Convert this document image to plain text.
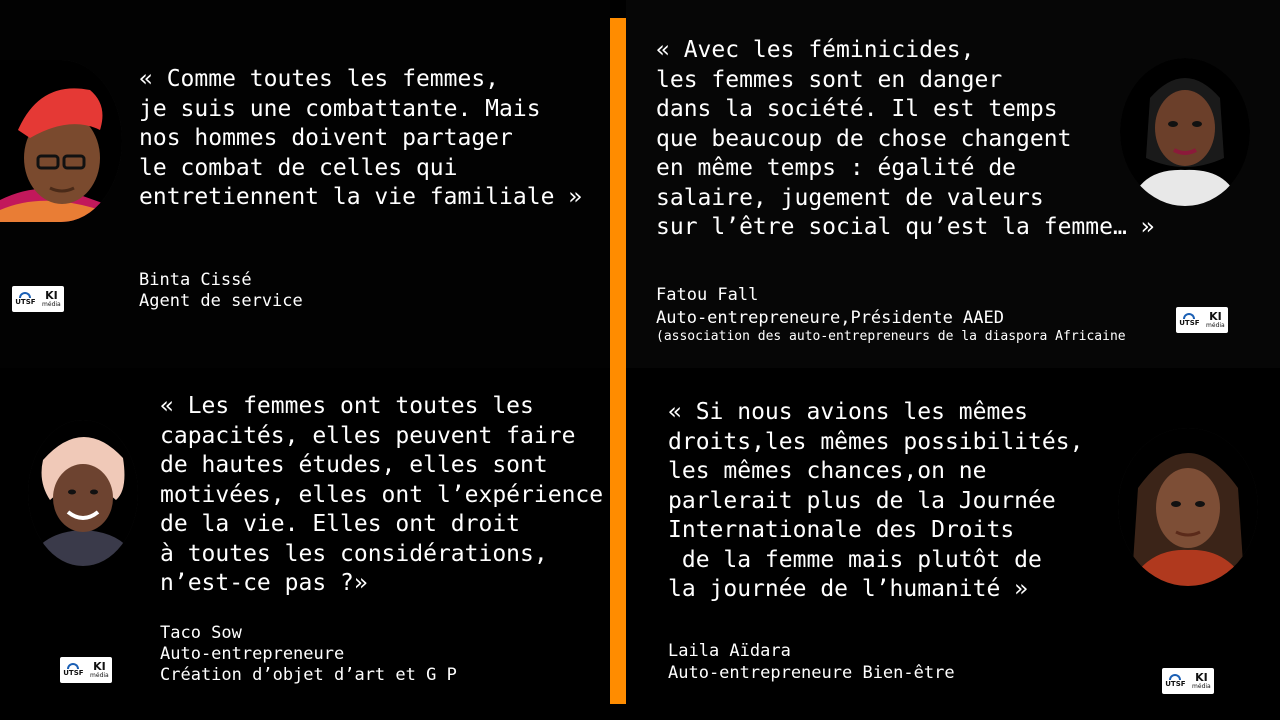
« Comme toutes les femmes,
je suis une combattante. Mais
nos hommes doivent partager
le combat de celles qui
entretiennent la vie familiale »
Binta Cissé
Agent de service
UTSF
KI
média
« Avec les féminicides,
les femmes sont en danger
dans la société. Il est temps
que beaucoup de chose changent
en même temps : égalité de
salaire, jugement de valeurs
sur l’être social qu’est la femme… »
Fatou Fall
Auto-entrepreneure,Présidente AAED
(association des auto-entrepreneurs de la diaspora Africaine
UTSF
KI
média
« Les femmes ont toutes les
capacités, elles peuvent faire
de hautes études, elles sont
motivées, elles ont l’expérience
de la vie. Elles ont droit
à toutes les considérations,
n’est-ce pas ?»
Taco Sow
Auto-entrepreneure
Création d’objet d’art et G P
UTSF
KI
média
« Si nous avions les mêmes
droits,les mêmes possibilités,
les mêmes chances,on ne
parlerait plus de la Journée
Internationale des Droits
de la femme mais plutôt de
la journée de l’humanité »
Laila Aïdara
Auto-entrepreneure Bien-être
UTSF
KI
média
